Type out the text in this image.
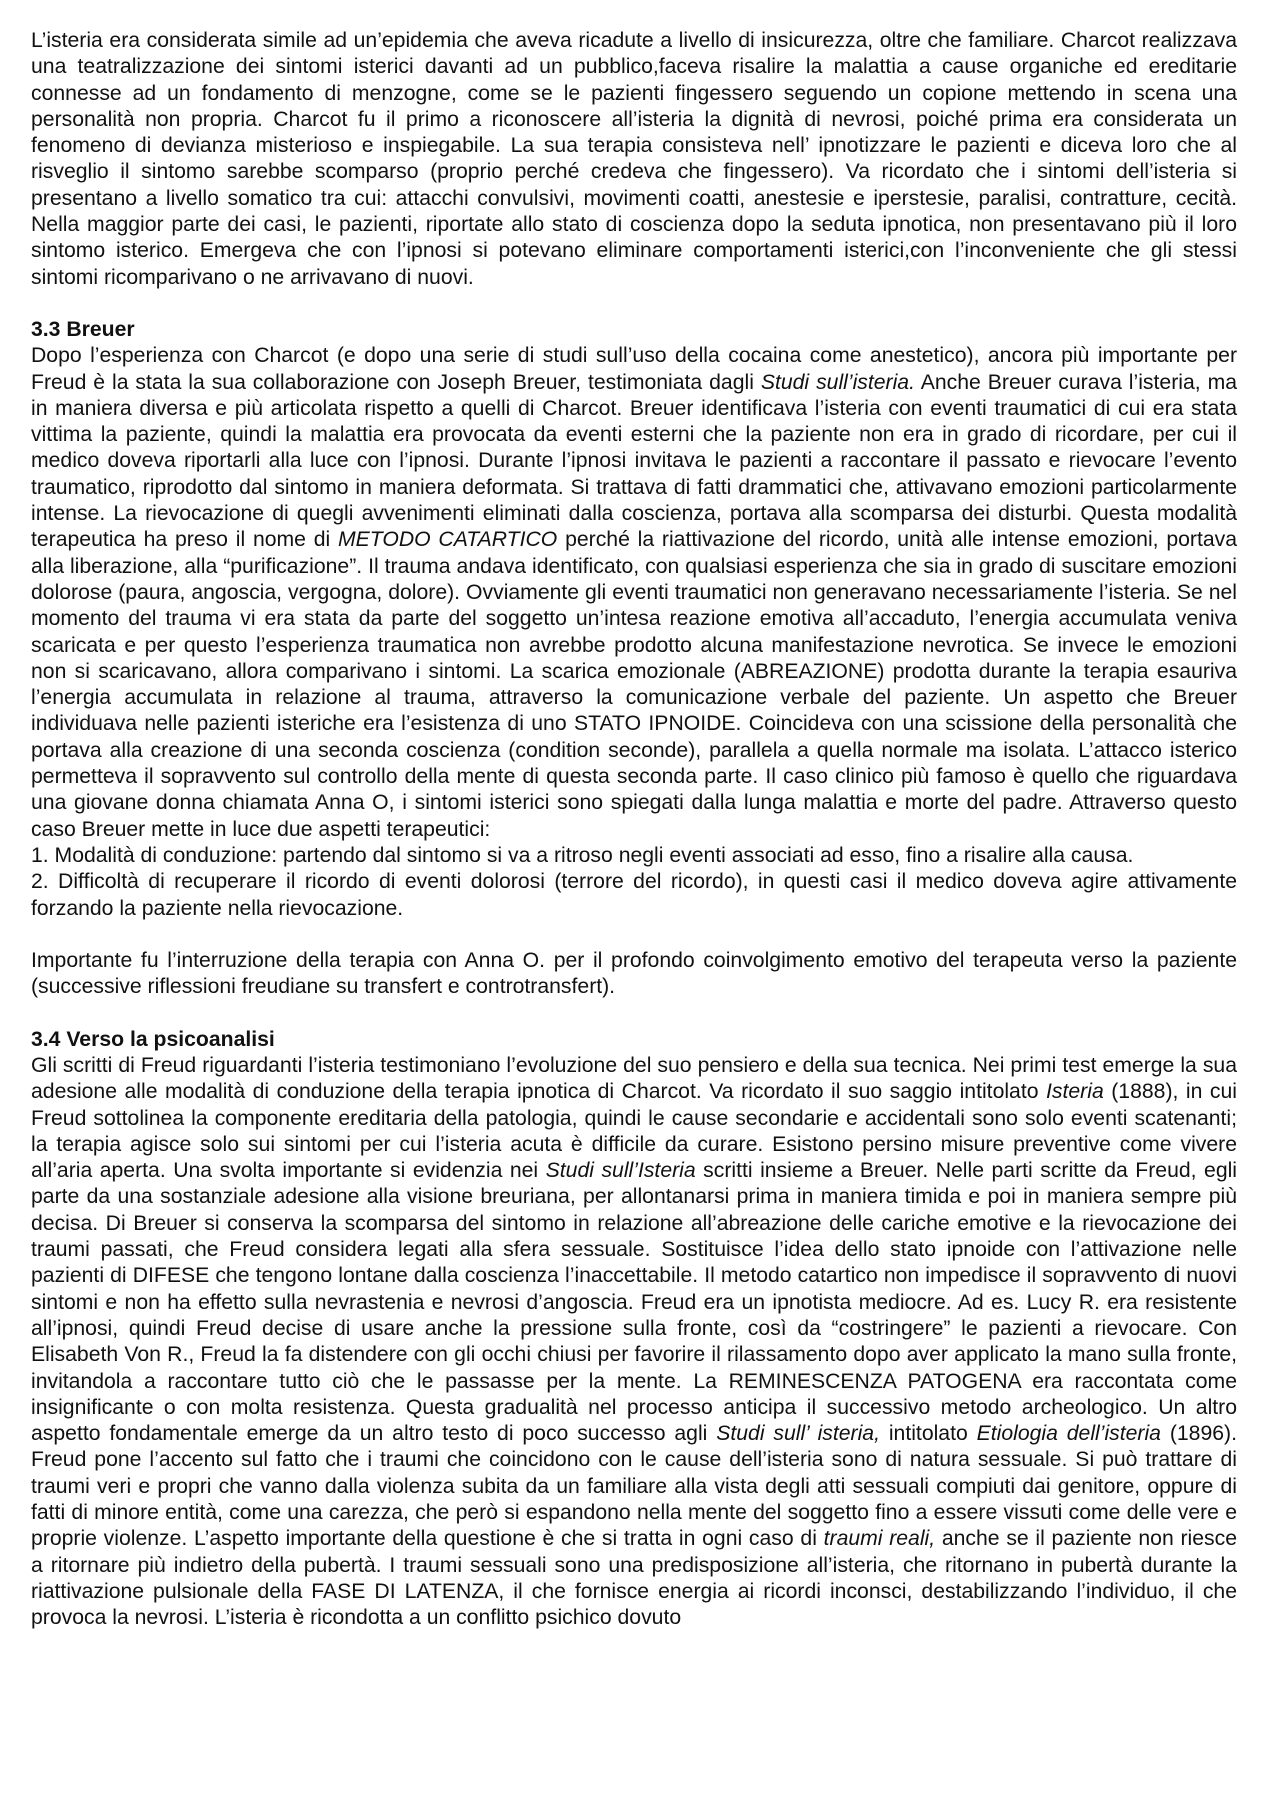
L’isteria era considerata simile ad un’epidemia che aveva ricadute a livello di insicurezza, oltre che familiare. Charcot realizzava una teatralizzazione dei sintomi isterici davanti ad un pubblico,faceva risalire la malattia a cause organiche ed ereditarie connesse ad un fondamento di menzogne, come se le pazienti fingessero seguendo un copione mettendo in scena una personalità non propria. Charcot fu il primo a riconoscere all’isteria la dignità di nevrosi, poiché prima era considerata un fenomeno di devianza misterioso e inspiegabile. La sua terapia consisteva nell’ ipnotizzare le pazienti e diceva loro che al risveglio il sintomo sarebbe scomparso (proprio perché credeva che fingessero). Va ricordato che i sintomi dell’isteria si presentano a livello somatico tra cui: attacchi convulsivi, movimenti coatti, anestesie e iperstesie, paralisi, contratture, cecità. Nella maggior parte dei casi, le pazienti, riportate allo stato di coscienza dopo la seduta ipnotica, non presentavano più il loro sintomo isterico. Emergeva che con l’ipnosi si potevano eliminare comportamenti isterici,con l’inconveniente che gli stessi sintomi ricomparivano o ne arrivavano di nuovi.

3.3 Breuer

Dopo l’esperienza con Charcot (e dopo una serie di studi sull’uso della cocaina come anestetico), ancora più importante per Freud è la stata la sua collaborazione con Joseph Breuer, testimoniata dagli Studi sull’isteria. Anche Breuer curava l’isteria, ma in maniera diversa e più articolata rispetto a quelli di Charcot. Breuer identificava l’isteria con eventi traumatici di cui era stata vittima la paziente, quindi la malattia era provocata da eventi esterni che la paziente non era in grado di ricordare, per cui il medico doveva riportarli alla luce con l’ipnosi. Durante l’ipnosi invitava le pazienti a raccontare il passato e rievocare l’evento traumatico, riprodotto dal sintomo in maniera deformata. Si trattava di fatti drammatici che, attivavano emozioni particolarmente intense. La rievocazione di quegli avvenimenti eliminati dalla coscienza, portava alla scomparsa dei disturbi. Questa modalità terapeutica ha preso il nome di METODO CATARTICO perché la riattivazione del ricordo, unità alle intense emozioni, portava alla liberazione, alla “purificazione”. Il trauma andava identificato, con qualsiasi esperienza che sia in grado di suscitare emozioni dolorose (paura, angoscia, vergogna, dolore). Ovviamente gli eventi traumatici non generavano necessariamente l’isteria. Se nel momento del trauma vi era stata da parte del soggetto un’intesa reazione emotiva all’accaduto, l’energia accumulata veniva scaricata e per questo l’esperienza traumatica non avrebbe prodotto alcuna manifestazione nevrotica. Se invece le emozioni non si scaricavano, allora comparivano i sintomi. La scarica emozionale (ABREAZIONE) prodotta durante la terapia esauriva l’energia accumulata in relazione al trauma, attraverso la comunicazione verbale del paziente. Un aspetto che Breuer individuava nelle pazienti isteriche era l’esistenza di uno STATO IPNOIDE. Coincideva con una scissione della personalità che portava alla creazione di una seconda coscienza (condition seconde), parallela a quella normale ma isolata. L’attacco isterico permetteva il sopravvento sul controllo della mente di questa seconda parte. Il caso clinico più famoso è quello che riguardava una giovane donna chiamata Anna O, i sintomi isterici sono spiegati dalla lunga malattia e morte del padre. Attraverso questo caso Breuer mette in luce due aspetti terapeutici:

1. Modalità di conduzione: partendo dal sintomo si va a ritroso negli eventi associati ad esso, fino a risalire alla causa.

2. Difficoltà di recuperare il ricordo di eventi dolorosi (terrore del ricordo), in questi casi il medico doveva agire attivamente forzando la paziente nella rievocazione.

Importante fu l’interruzione della terapia con Anna O. per il profondo coinvolgimento emotivo del terapeuta verso la paziente (successive riflessioni freudiane su transfert e controtransfert).

3.4 Verso la psicoanalisi

Gli scritti di Freud riguardanti l’isteria testimoniano l’evoluzione del suo pensiero e della sua tecnica. Nei primi test emerge la sua adesione alle modalità di conduzione della terapia ipnotica di Charcot. Va ricordato il suo saggio intitolato Isteria (1888), in cui Freud sottolinea la componente ereditaria della patologia, quindi le cause secondarie e accidentali sono solo eventi scatenanti; la terapia agisce solo sui sintomi per cui l’isteria acuta è difficile da curare. Esistono persino misure preventive come vivere all’aria aperta. Una svolta importante si evidenzia nei Studi sull’Isteria scritti insieme a Breuer. Nelle parti scritte da Freud, egli parte da una sostanziale adesione alla visione breuriana, per allontanarsi prima in maniera timida e poi in maniera sempre più decisa. Di Breuer si conserva la scomparsa del sintomo in relazione all’abreazione delle cariche emotive e la rievocazione dei traumi passati, che Freud considera legati alla sfera sessuale. Sostituisce l’idea dello stato ipnoide con l’attivazione nelle pazienti di DIFESE che tengono lontane dalla coscienza l’inaccettabile. Il metodo catartico non impedisce il sopravvento di nuovi sintomi e non ha effetto sulla nevrastenia e nevrosi d’angoscia. Freud era un ipnotista mediocre. Ad es. Lucy R. era resistente all’ipnosi, quindi Freud decise di usare anche la pressione sulla fronte, così da “costringere” le pazienti a rievocare. Con Elisabeth Von R., Freud la fa distendere con gli occhi chiusi per favorire il rilassamento dopo aver applicato la mano sulla fronte, invitandola a raccontare tutto ciò che le passasse per la mente. La REMINESCENZA PATOGENA era raccontata come insignificante o con molta resistenza. Questa gradualità nel processo anticipa il successivo metodo archeologico. Un altro aspetto fondamentale emerge da un altro testo di poco successo agli Studi sull’ isteria, intitolato Etiologia dell’isteria (1896). Freud pone l’accento sul fatto che i traumi che coincidono con le cause dell’isteria sono di natura sessuale. Si può trattare di traumi veri e propri che vanno dalla violenza subita da un familiare alla vista degli atti sessuali compiuti dai genitore, oppure di fatti di minore entità, come una carezza, che però si espandono nella mente del soggetto fino a essere vissuti come delle vere e proprie violenze. L’aspetto importante della questione è che si tratta in ogni caso di traumi reali, anche se il paziente non riesce a ritornare più indietro della pubertà. I traumi sessuali sono una predisposizione all’isteria, che ritornano in pubertà durante la riattivazione pulsionale della FASE DI LATENZA, il che fornisce energia ai ricordi inconsci, destabilizzando l’individuo, il che provoca la nevrosi. L’isteria è ricondotta a un conflitto psichico dovuto
